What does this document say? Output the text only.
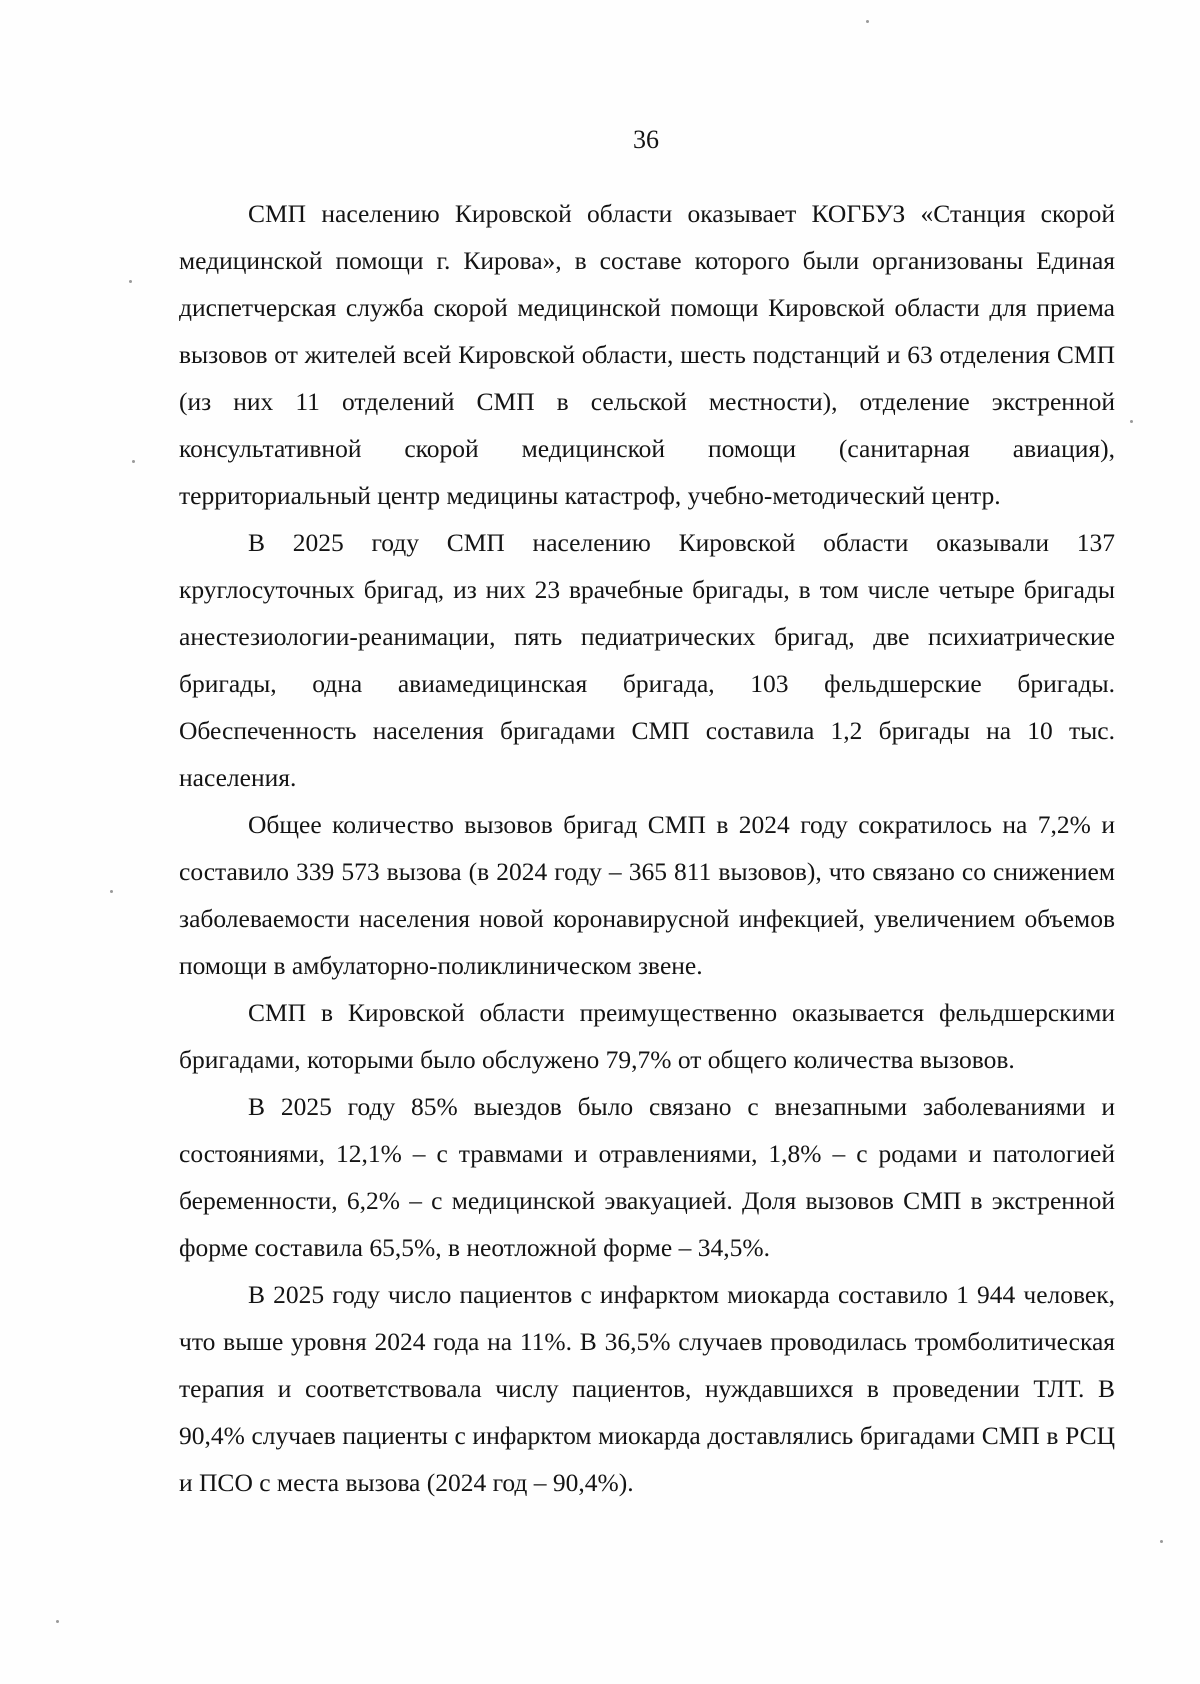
36

СМП населению Кировской области оказывает КОГБУЗ «Станция скорой медицинской помощи г. Кирова», в составе которого были организованы Единая диспетчерская служба скорой медицинской помощи Кировской области для приема вызовов от жителей всей Кировской области, шесть подстанций и 63 отделения СМП (из них 11 отделений СМП в сельской местности), отделение экстренной консультативной скорой медицинской помощи (санитарная авиация), территориальный центр медицины катастроф, учебно-методический центр.

В 2025 году СМП населению Кировской области оказывали 137 круглосуточных бригад, из них 23 врачебные бригады, в том числе четыре бригады анестезиологии-реанимации, пять педиатрических бригад, две психиатрические бригады, одна авиамедицинская бригада, 103 фельдшерские бригады. Обеспеченность населения бригадами СМП составила 1,2 бригады на 10 тыс. населения.

Общее количество вызовов бригад СМП в 2024 году сократилось на 7,2% и составило 339 573 вызова (в 2024 году – 365 811 вызовов), что связано со снижением заболеваемости населения новой коронавирусной инфекцией, увеличением объемов помощи в амбулаторно-поликлиническом звене.

СМП в Кировской области преимущественно оказывается фельдшерскими бригадами, которыми было обслужено 79,7% от общего количества вызовов.

В 2025 году 85% выездов было связано с внезапными заболеваниями и состояниями, 12,1% – с травмами и отравлениями, 1,8% – с родами и патологией беременности, 6,2% – с медицинской эвакуацией. Доля вызовов СМП в экстренной форме составила 65,5%, в неотложной форме – 34,5%.

В 2025 году число пациентов с инфарктом миокарда составило 1 944 человек, что выше уровня 2024 года на 11%. В 36,5% случаев проводилась тромболитическая терапия и соответствовала числу пациентов, нуждавшихся в проведении ТЛТ. В 90,4% случаев пациенты с инфарктом миокарда доставлялись бригадами СМП в РСЦ и ПСО с места вызова (2024 год – 90,4%).
